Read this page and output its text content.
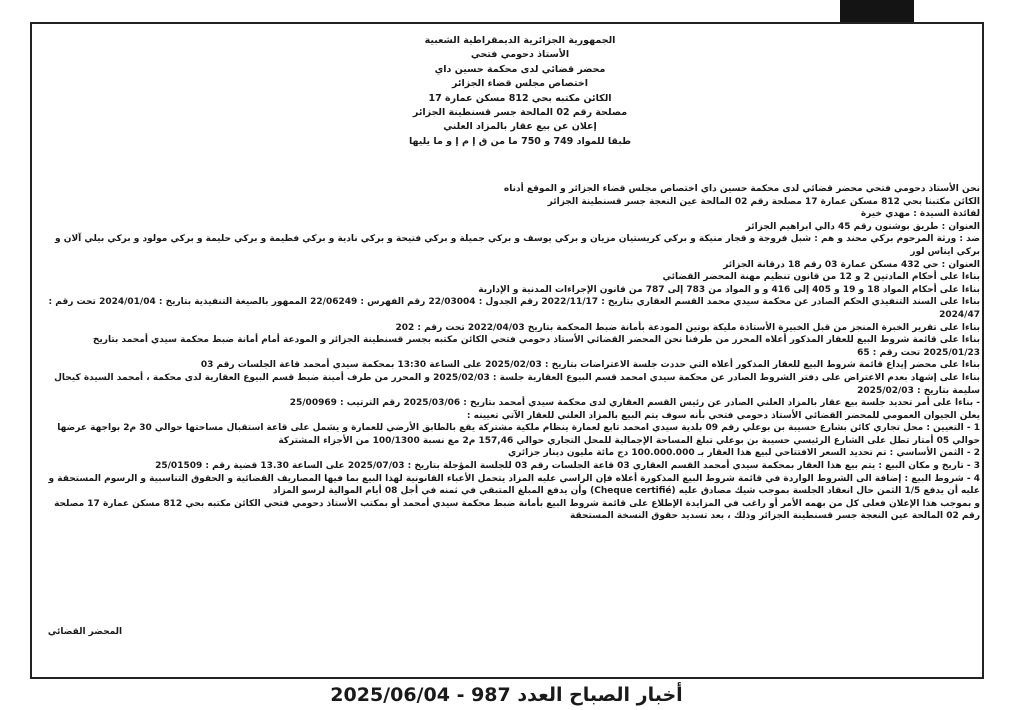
الجمهورية الجزائرية الديمقراطية الشعبية
الأستاذ دحومي فتحي
محضر قضائي لدى محكمة حسين داي
اختصاص مجلس قضاء الجزائر
الكائن مكتبه بحي 812 مسكن عمارة 17
مصلحة رقم 02 المالحة جسر قسنطينة الجزائر
إعلان عن بيع عقار بالمزاد العلني
طبقا للمواد 749 و 750 ما من ق إ م إ و ما يليها

نحن الأستاذ دحومي فتحي محضر قضائي لدى محكمة حسين داي اختصاص مجلس قضاء الجزائر و الموقع أدناه

الكائن مكتبنا بحي 812 مسكن عمارة 17 مصلحة رقم 02 المالحة عين النعجة جسر قسنطينة الجزائر

لفائدة السيدة : مهدي خيرة

العنوان : طريق بوشنون رقم 45 دالي ابراهيم الجزائر

ضد : ورثة المرحوم بركي محند و هم : شبل فروجة و قجار منيكة و بركي كريستيان مزيان و بركي يوسف و بركي جميلة و بركي فتيحة و بركي نادية و بركي فطيمة و بركي حليمة و بركي مولود و بركي بيلي آلان و بركي ايناس لور

العنوان : حي 432 مسكن عمارة 03 رقم 18 درقانة الجزائر

بناءا على أحكام المادتين 2 و 12 من قانون تنظيم مهنة المحضر القضائي

بناءا على أحكام المواد 18 و 19 و 405 إلى 416 و و المواد من 783 إلى 787 من قانون الإجراءات المدنية و الإدارية

بناءا على السند التنفيذي الحكم الصادر عن محكمة سيدي محمد القسم العقاري بتاريخ : 2022/11/17 رقم الجدول : 22/03004 رقم الفهرس : 22/06249 الممهور بالصيغة التنفيذية بتاريخ : 2024/01/04 تحت رقم : 2024/47

بناءا على تقرير الخبرة المنجز من قبل الخبيرة الأستاذة مليكة بوتين المودعة بأمانة ضبط المحكمة بتاريخ 2022/04/03 تحت رقم : 202

بناءا على قائمة شروط البيع للعقار المذكور أعلاه المحرر من طرفنا نحن المحضر القضائي الأستاذ دحومي فتحي الكائن مكتبه بجسر قسنطينة الجزائر و المودعة أمام أمانة ضبط محكمة سيدي أمحمد بتاريخ 2025/01/23 تحت رقم : 65

بناءا على محضر إيداع قائمة شروط البيع للعقار المذكور أعلاه التي حددت جلسة الاعتراضات بتاريخ : 2025/02/03 على الساعة 13:30 بمحكمة سيدي أمحمد قاعة الجلسات رقم 03

بناءا على إشهاد بعدم الاعتراض على دفتر الشروط الصادر عن محكمة سيدي امحمد قسم البيوع العقارية جلسة : 2025/02/03 و المحرر من طرف أمينة ضبط قسم البيوع العقارية لدى محكمة ، أمحمد السيدة كيحال سليمة بتاريخ : 2025/02/03

- بناءا على أمر تحديد جلسة بيع عقار بالمزاد العلني الصادر عن رئيس القسم العقاري لدى محكمة سيدي أمحمد بتاريخ : 2025/03/06 رقم الترتيب : 25/00969

يعلن الجيوان العمومي للمحضر القضائي الأستاذ دحومي فتحي بأنه سوف يتم البيع بالمزاد العلني للعقار الآتي تعيينه :

1 - التعيين : محل تجاري كائن بشارع حسيبة بن بوعلي رقم 09 بلدية سيدي امحمد تابع لعمارة ينظام ملكية مشتركة يقع بالطابق الأرضي للعمارة و يشمل على قاعة استقبال مساحتها حوالي 30 م2 بواجهة عرضها حوالي 05 أمتار تطل على الشارع الرئيسي حسيبة بن بوعلي تبلغ المساحة الإجمالية للمحل التجاري حوالي 157,46 م2 مع نسبة 100/1300 من الأجزاء المشتركة

2 - الثمن الأساسي : تم تحديد السعر الافتتاحي لبيع هذا العقار بـ 100.000.000 دج مائة مليون دينار جزائري

3 - تاريخ و مكان البيع : يتم بيع هذا العقار بمحكمة سيدي أمحمد القسم العقاري 03 قاعة الجلسات رقم 03 للجلسة المؤجلة بتاريخ : 2025/07/03 على الساعة 13.30 قضية رقم : 25/01509

4 - شروط البيع : إضافة الى الشروط الواردة في قائمة شروط البيع المذكورة أعلاه فإن الراسي عليه المزاد يتحمل الأعباء القانونية لهذا البيع بما فيها المصاريف القضائية و الحقوق التناسبية و الرسوم المستحقة و عليه أن يدفع 1/5 الثمن حال انعقاد الجلسة بموجب شيك مصادق عليه (Cheque certifié) وأن يدفع المبلغ المتبقي في ثمنه في أجل 08 أيام الموالية لرسو المزاد

و بموجب هذا الإعلان فعلى كل من بهمه الأمر أو راغب في المزايدة الإطلاع على قائمة شروط البيع بأمانة ضبط محكمة سيدي أمحمد أو بمكتب الأستاذ دحومي فتحي الكائن مكتبه بحي 812 مسكن عمارة 17 مصلحة رقم 02 المالحة عين النعجة جسر قسنطينة الجزائر وذلك ، بعد تسديد حقوق النسخة المستحقة

المحضر القضائي
أخبار الصباح العدد 987 - 2025/06/04
